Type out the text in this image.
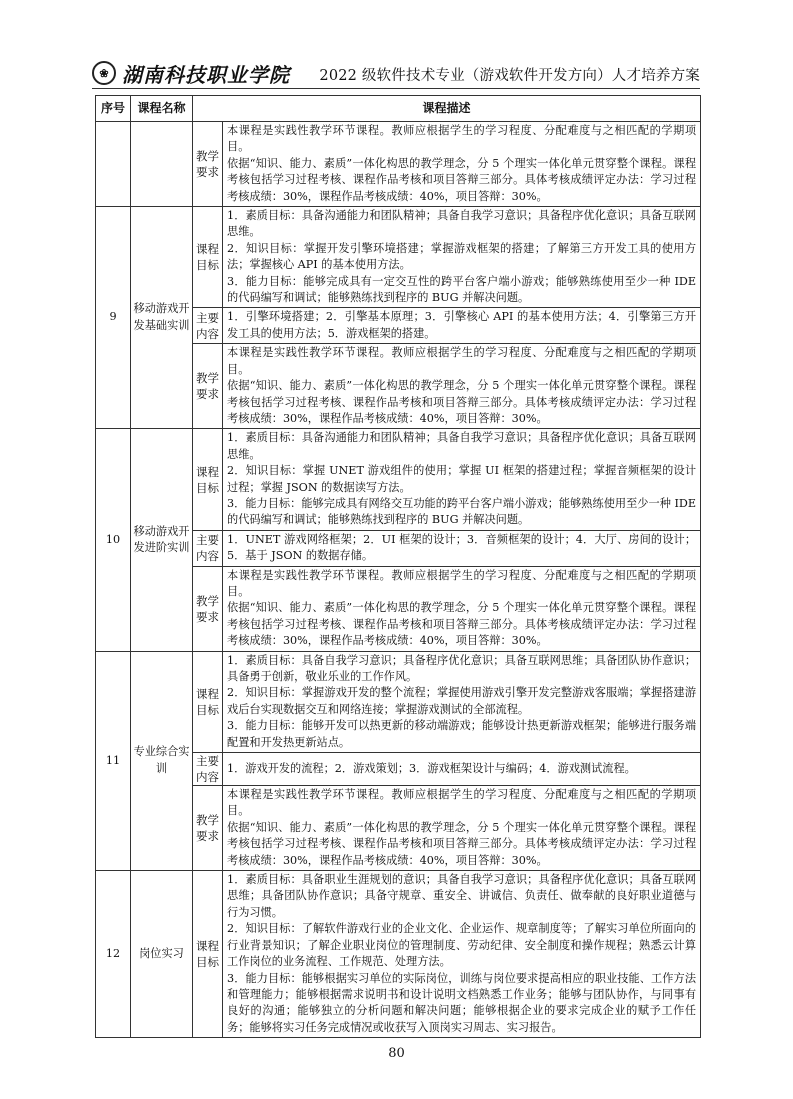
❀ 湖南科技职业学院 2022 级软件技术专业（游戏软件开发方向）人才培养方案
序号	课程名称	课程描述	
		教学要求	本课程是实践性教学环节课程。教师应根据学生的学习程度、分配难度与之相匹配的学期项目。
依据“知识、能力、素质”一体化构思的教学理念，分 5 个理实一体化单元贯穿整个课程。课程考核包括学习过程考核、课程作品考核和项目答辩三部分。具体考核成绩评定办法：学习过程考核成绩：30%，课程作品考核成绩：40%，项目答辩：30%。

9	移动游戏开发基础实训	课程目标	1．素质目标：具备沟通能力和团队精神；具备自我学习意识；具备程序优化意识；具备互联网思维。
2．知识目标：掌握开发引擎环境搭建；掌握游戏框架的搭建；了解第三方开发工具的使用方法；掌握核心 API 的基本使用方法。
3．能力目标：能够完成具有一定交互性的跨平台客户端小游戏；能够熟练使用至少一种 IDE 的代码编写和调试；能够熟练找到程序的 BUG 并解决问题。

		主要内容	1．引擎环境搭建；2．引擎基本原理；3．引擎核心 API 的基本使用方法；4．引擎第三方开发工具的使用方法；5．游戏框架的搭建。

		教学要求	本课程是实践性教学环节课程。教师应根据学生的学习程度、分配难度与之相匹配的学期项目。
依据“知识、能力、素质”一体化构思的教学理念，分 5 个理实一体化单元贯穿整个课程。课程考核包括学习过程考核、课程作品考核和项目答辩三部分。具体考核成绩评定办法：学习过程考核成绩：30%，课程作品考核成绩：40%，项目答辩：30%。

10	移动游戏开发进阶实训	课程目标	1．素质目标：具备沟通能力和团队精神；具备自我学习意识；具备程序优化意识；具备互联网思维。
2．知识目标：掌握 UNET 游戏组件的使用；掌握 UI 框架的搭建过程；掌握音频框架的设计过程；掌握 JSON 的数据读写方法。
3．能力目标：能够完成具有网络交互功能的跨平台客户端小游戏；能够熟练使用至少一种 IDE 的代码编写和调试；能够熟练找到程序的 BUG 并解决问题。

		主要内容	1．UNET 游戏网络框架；2．UI 框架的设计；3．音频框架的设计；4．大厅、房间的设计；5．基于 JSON 的数据存储。

		教学要求	本课程是实践性教学环节课程。教师应根据学生的学习程度、分配难度与之相匹配的学期项目。
依据“知识、能力、素质”一体化构思的教学理念，分 5 个理实一体化单元贯穿整个课程。课程考核包括学习过程考核、课程作品考核和项目答辩三部分。具体考核成绩评定办法：学习过程考核成绩：30%，课程作品考核成绩：40%，项目答辩：30%。

11	专业综合实训	课程目标	1．素质目标：具备自我学习意识；具备程序优化意识；具备互联网思维；具备团队协作意识；具备勇于创新，敬业乐业的工作作风。
2．知识目标：掌握游戏开发的整个流程；掌握使用游戏引擎开发完整游戏客服端；掌握搭建游戏后台实现数据交互和网络连接；掌握游戏测试的全部流程。
3．能力目标：能够开发可以热更新的移动端游戏；能够设计热更新游戏框架；能够进行服务端配置和开发热更新站点。

		主要内容	1．游戏开发的流程；2．游戏策划；3．游戏框架设计与编码；4．游戏测试流程。

		教学要求	本课程是实践性教学环节课程。教师应根据学生的学习程度、分配难度与之相匹配的学期项目。
依据“知识、能力、素质”一体化构思的教学理念，分 5 个理实一体化单元贯穿整个课程。课程考核包括学习过程考核、课程作品考核和项目答辩三部分。具体考核成绩评定办法：学习过程考核成绩：30%，课程作品考核成绩：40%，项目答辩：30%。

12	岗位实习	课程目标	1．素质目标：具备职业生涯规划的意识；具备自我学习意识；具备程序优化意识；具备互联网思维；具备团队协作意识；具备守规章、重安全、讲诚信、负责任、做奉献的良好职业道德与行为习惯。
2．知识目标：了解软件游戏行业的企业文化、企业运作、规章制度等；了解实习单位所面向的行业背景知识；了解企业职业岗位的管理制度、劳动纪律、安全制度和操作规程；熟悉云计算工作岗位的业务流程、工作规范、处理方法。
3．能力目标：能够根据实习单位的实际岗位，训练与岗位要求提高相应的职业技能、工作方法和管理能力；能够根据需求说明书和设计说明文档熟悉工作业务；能够与团队协作，与同事有良好的沟通；能够独立的分析问题和解决问题；能够根据企业的要求完成企业的赋予工作任务；能够将实习任务完成情况或收获写入顶岗实习周志、实习报告。
80
